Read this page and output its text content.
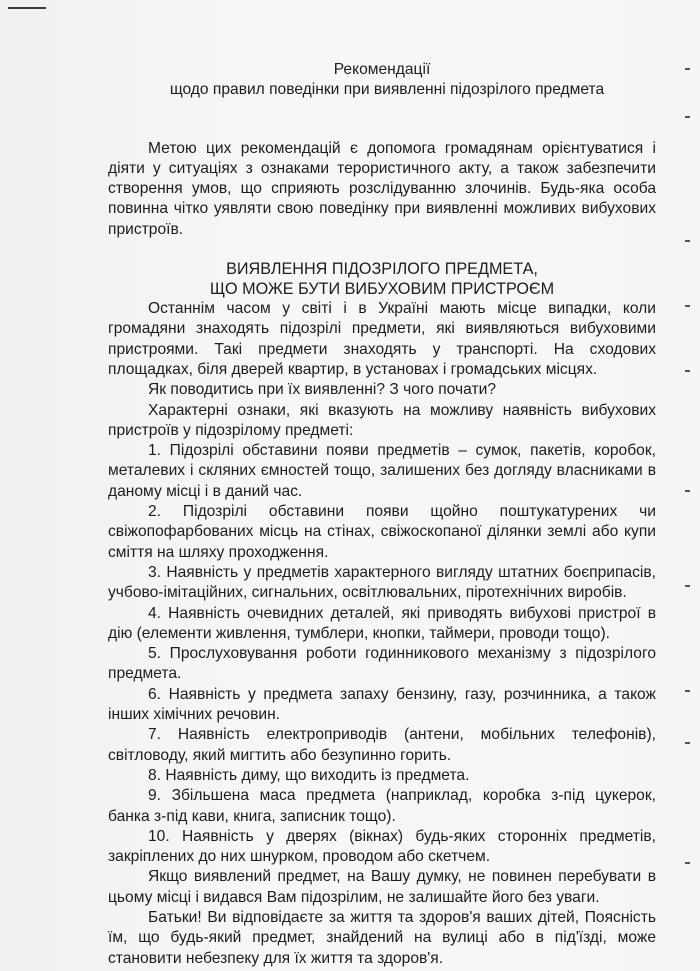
Рекомендації
щодо правил поведінки при виявленні підозрілого предмета

Метою цих рекомендацій є допомога громадянам орієнтуватися і діяти у ситуаціях з ознаками терористичного акту, а також забезпечити створення умов, що сприяють розслідуванню злочинів. Будь-яка особа повинна чітко уявляти свою поведінку при виявленні можливих вибухових пристроїв.

ВИЯВЛЕННЯ ПІДОЗРІЛОГО ПРЕДМЕТА,
ЩО МОЖЕ БУТИ ВИБУХОВИМ ПРИСТРОЄМ

Останнім часом у світі і в Україні мають місце випадки, коли громадяни знаходять підозрілі предмети, які виявляються вибуховими пристроями. Такі предмети знаходять у транспорті. На сходових площадках, біля дверей квартир, в установах і громадських місцях.

Як поводитись при їх виявленні? З чого почати?

Характерні ознаки, які вказують на можливу наявність вибухових пристроїв у підозрілому предметі:

1. Підозрілі обставини появи предметів – сумок, пакетів, коробок, металевих і скляних ємностей тощо, залишених без догляду власниками в даному місці і в даний час.

2. Підозрілі обставини появи щойно поштукатурених чи свіжопофарбованих місць на стінах, свіжоскопаної ділянки землі або купи сміття на шляху проходження.

3. Наявність у предметів характерного вигляду штатних боєприпасів, учбово-імітаційних, сигнальних, освітлювальних, піротехнічних виробів.

4. Наявність очевидних деталей, які приводять вибухові пристрої в дію (елементи живлення, тумблери, кнопки, таймери, проводи тощо).

5. Прослуховування роботи годинникового механізму з підозрілого предмета.

6. Наявність у предмета запаху бензину, газу, розчинника, а також інших хімічних речовин.

7. Наявність електроприводів (антени, мобільних телефонів), світловоду, який мигтить або безупинно горить.

8. Наявність диму, що виходить із предмета.

9. Збільшена маса предмета (наприклад, коробка з-під цукерок, банка з-під кави, книга, записник тощо).

10. Наявність у дверях (вікнах) будь-яких сторонніх предметів, закріплених до них шнурком, проводом або скетчем.

Якщо виявлений предмет, на Вашу думку, не повинен перебувати в цьому місці і видався Вам підозрілим, не залишайте його без уваги.

Батьки! Ви відповідаєте за життя та здоров'я ваших дітей, Поясність їм, що будь-який предмет, знайдений на вулиці або в під'їзді, може становити небезпеку для їх життя та здоров'я.
